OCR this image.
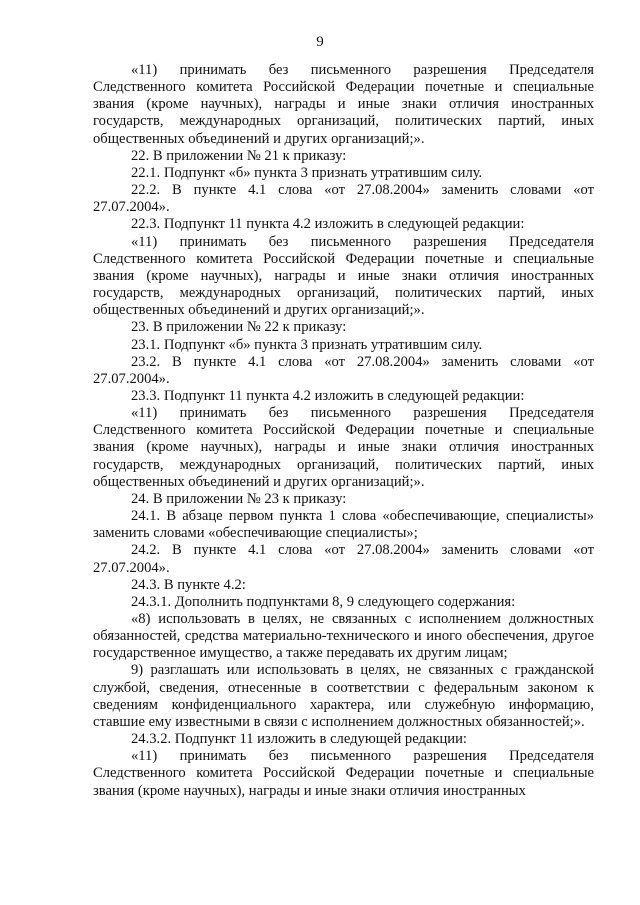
9

«11) принимать без письменного разрешения Председателя Следственного комитета Российской Федерации почетные и специальные звания (кроме научных), награды и иные знаки отличия иностранных государств, международных организаций, политических партий, иных общественных объединений и других организаций;».

22. В приложении № 21 к приказу:

22.1. Подпункт «б» пункта 3 признать утратившим силу.

22.2. В пункте 4.1 слова «от 27.08.2004» заменить словами «от 27.07.2004».

22.3. Подпункт 11 пункта 4.2 изложить в следующей редакции:

«11) принимать без письменного разрешения Председателя Следственного комитета Российской Федерации почетные и специальные звания (кроме научных), награды и иные знаки отличия иностранных государств, международных организаций, политических партий, иных общественных объединений и других организаций;».

23. В приложении № 22 к приказу:

23.1. Подпункт «б» пункта 3 признать утратившим силу.

23.2. В пункте 4.1 слова «от 27.08.2004» заменить словами «от 27.07.2004».

23.3. Подпункт 11 пункта 4.2 изложить в следующей редакции:

«11) принимать без письменного разрешения Председателя Следственного комитета Российской Федерации почетные и специальные звания (кроме научных), награды и иные знаки отличия иностранных государств, международных организаций, политических партий, иных общественных объединений и других организаций;».

24. В приложении № 23 к приказу:

24.1. В абзаце первом пункта 1 слова «обеспечивающие, специалисты» заменить словами «обеспечивающие специалисты»;

24.2. В пункте 4.1 слова «от 27.08.2004» заменить словами «от 27.07.2004».

24.3. В пункте 4.2:

24.3.1. Дополнить подпунктами 8, 9 следующего содержания:

«8) использовать в целях, не связанных с исполнением должностных обязанностей, средства материально-технического и иного обеспечения, другое государственное имущество, а также передавать их другим лицам;

9) разглашать или использовать в целях, не связанных с гражданской службой, сведения, отнесенные в соответствии с федеральным законом к сведениям конфиденциального характера, или служебную информацию, ставшие ему известными в связи с исполнением должностных обязанностей;».

24.3.2. Подпункт 11 изложить в следующей редакции:

«11) принимать без письменного разрешения Председателя Следственного комитета Российской Федерации почетные и специальные звания (кроме научных), награды и иные знаки отличия иностранных
